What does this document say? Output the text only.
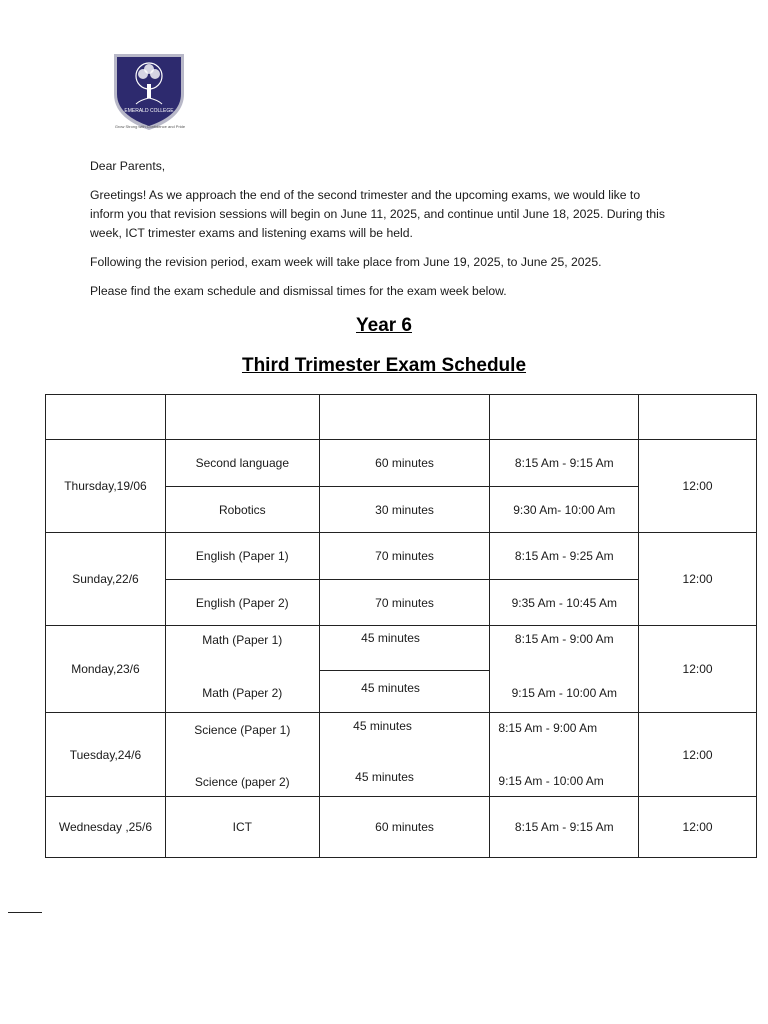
EMERALD COLLEGE
Grow Strong with Confidence and Pride

Dear Parents,

Greetings! As we approach the end of the second trimester and the upcoming exams, we would like to inform you that revision sessions will begin on June 11, 2025, and continue until June 18, 2025. During this week, ICT trimester exams and listening exams will be held.

Following the revision period, exam week will take place from June 19, 2025, to June 25, 2025.

Please find the exam schedule and dismissal times for the exam week below.

Year 6
Third Trimester Exam Schedule

Thursday,19/06	Second language	60 minutes	8:15 Am - 9:15 Am	12:00
	Robotics	30 minutes	9:30 Am- 10:00 Am	
Sunday,22/6	English (Paper 1)	70 minutes	8:15 Am - 9:25 Am	12:00
	English (Paper 2)	70 minutes	9:35 Am - 10:45 Am	
Monday,23/6	Math (Paper 1)	45 minutes	8:15 Am - 9:00 Am	12:00
	Math (Paper 2)	45 minutes	9:15 Am - 10:00 Am	
Tuesday,24/6	Science (Paper 1)	45 minutes	8:15 Am - 9:00 Am	12:00
	Science (paper 2)	45 minutes	9:15 Am - 10:00 Am	
Wednesday ,25/6	ICT	60 minutes	8:15 Am - 9:15 Am	12:00
